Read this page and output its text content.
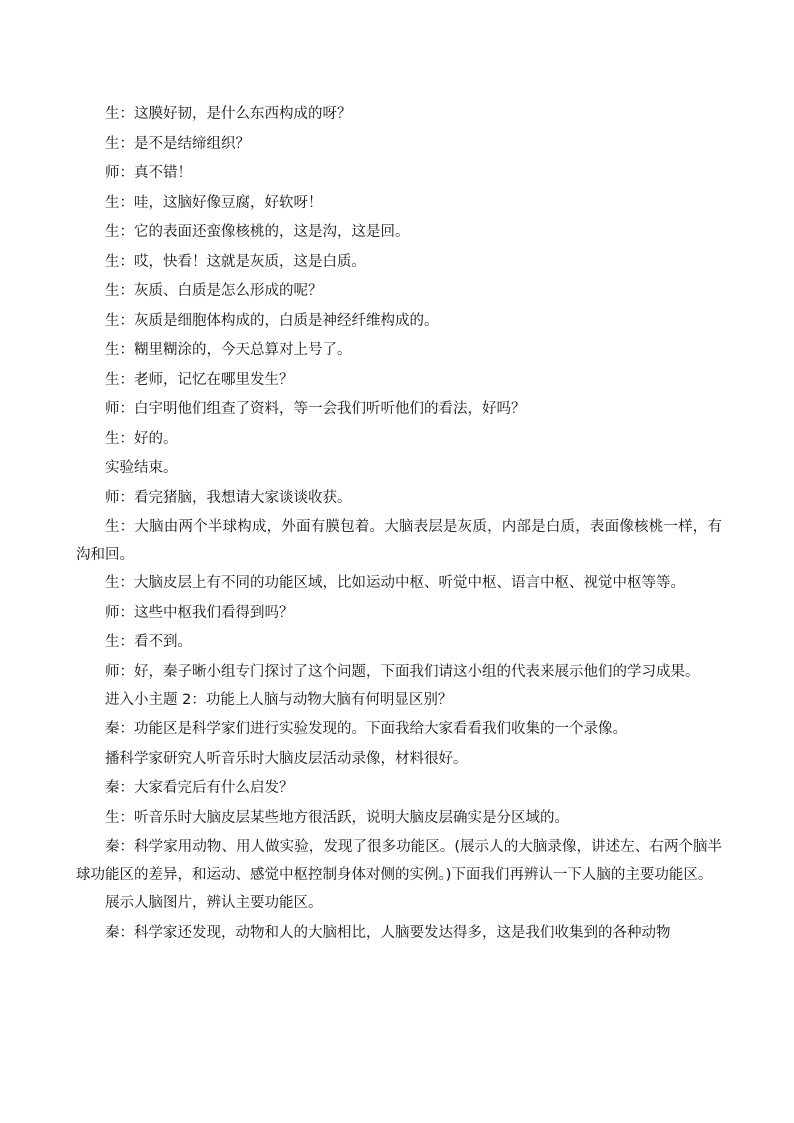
生：这膜好韧，是什么东西构成的呀？

生：是不是结缔组织？

师：真不错！

生：哇，这脑好像豆腐，好软呀！

生：它的表面还蛮像核桃的，这是沟，这是回。

生：哎，快看！这就是灰质，这是白质。

生：灰质、白质是怎么形成的呢？

生：灰质是细胞体构成的，白质是神经纤维构成的。

生：糊里糊涂的，今天总算对上号了。

生：老师，记忆在哪里发生？

师：白宇明他们组查了资料，等一会我们听听他们的看法，好吗？

生：好的。

实验结束。

师：看完猪脑，我想请大家谈谈收获。

生：大脑由两个半球构成，外面有膜包着。大脑表层是灰质，内部是白质，表面像核桃一样，有沟和回。

生：大脑皮层上有不同的功能区域，比如运动中枢、听觉中枢、语言中枢、视觉中枢等等。

师：这些中枢我们看得到吗？

生：看不到。

师：好，秦子晰小组专门探讨了这个问题，下面我们请这小组的代表来展示他们的学习成果。

进入小主题 2：功能上人脑与动物大脑有何明显区别？

秦：功能区是科学家们进行实验发现的。下面我给大家看看我们收集的一个录像。

播科学家研究人听音乐时大脑皮层活动录像，材料很好。

秦：大家看完后有什么启发？

生：听音乐时大脑皮层某些地方很活跃，说明大脑皮层确实是分区域的。

秦：科学家用动物、用人做实验，发现了很多功能区。(展示人的大脑录像，讲述左、右两个脑半球功能区的差异，和运动、感觉中枢控制身体对侧的实例。)下面我们再辨认一下人脑的主要功能区。

展示人脑图片，辨认主要功能区。

秦：科学家还发现，动物和人的大脑相比，人脑要发达得多，这是我们收集到的各种动物
